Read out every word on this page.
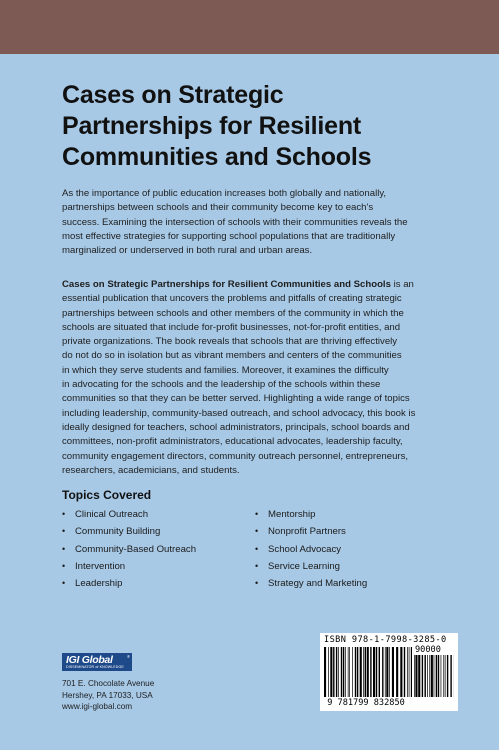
Cases on Strategic
Partnerships for Resilient
Communities and Schools

As the importance of public education increases both globally and nationally,
partnerships between schools and their community become key to each's
success. Examining the intersection of schools with their communities reveals the
most effective strategies for supporting school populations that are traditionally
marginalized or underserved in both rural and urban areas.

Cases on Strategic Partnerships for Resilient Communities and Schools is an
essential publication that uncovers the problems and pitfalls of creating strategic
partnerships between schools and other members of the community in which the
schools are situated that include for-profit businesses, not-for-profit entities, and
private organizations. The book reveals that schools that are thriving effectively
do not do so in isolation but as vibrant members and centers of the communities
in which they serve students and families. Moreover, it examines the difficulty
in advocating for the schools and the leadership of the schools within these
communities so that they can be better served. Highlighting a wide range of topics
including leadership, community-based outreach, and school advocacy, this book is
ideally designed for teachers, school administrators, principals, school boards and
committees, non-profit administrators, educational advocates, leadership faculty,
community engagement directors, community outreach personnel, entrepreneurs,
researchers, academicians, and students.

Topics Covered
• Clinical Outreach
• Community Building
• Community-Based Outreach
• Intervention
• Leadership
• Mentorship
• Nonprofit Partners
• School Advocacy
• Service Learning
• Strategy and Marketing
IGI Global	®
DISSEMINATOR of KNOWLEDGE
701 E. Chocolate Avenue
Hershey, PA 17033, USA
www.igi-global.com
ISBN 978-1-7998-3285-0
90000
9 781799 832850
